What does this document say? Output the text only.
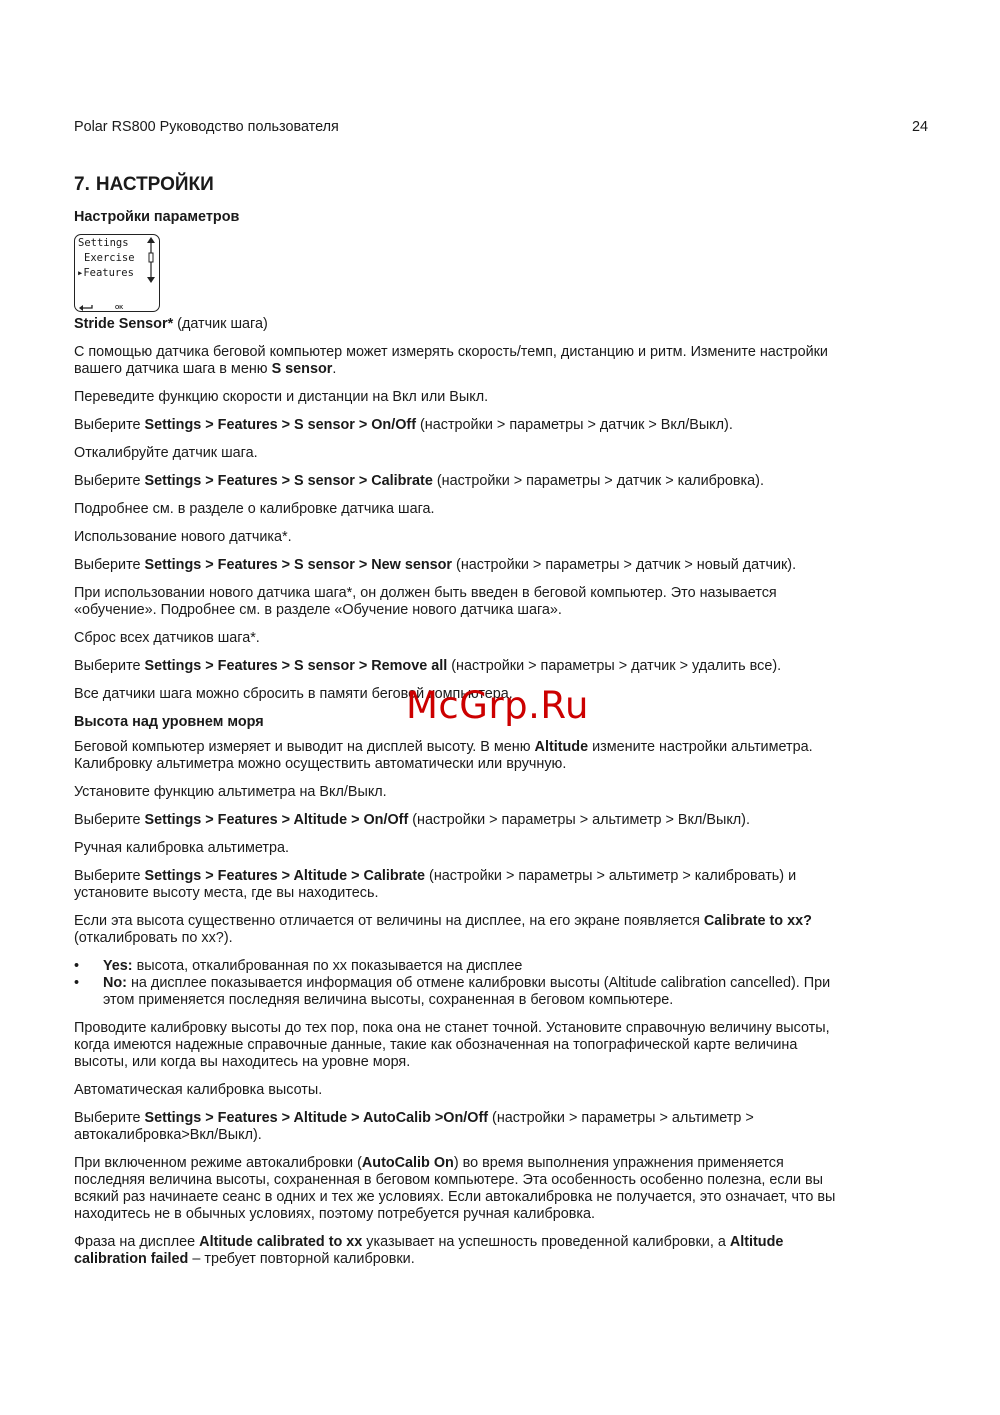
Polar RS800 Руководство пользователя	24
7. НАСТРОЙКИ
Настройки параметров
Settings
Exercise
▸Features
OK

Stride Sensor* (датчик шага)

С помощью датчика беговой компьютер может измерять скорость/темп, дистанцию и ритм. Измените настройки вашего датчика шага в меню S sensor.

Переведите функцию скорости и дистанции на Вкл или Выкл.

Выберите Settings > Features > S sensor > On/Off (настройки > параметры > датчик > Вкл/Выкл).

Откалибруйте датчик шага.

Выберите Settings > Features > S sensor > Calibrate (настройки > параметры > датчик > калибровка).

Подробнее см. в разделе о калибровке датчика шага.

Использование нового датчика*.

Выберите Settings > Features > S sensor > New sensor (настройки > параметры > датчик > новый датчик).

При использовании нового датчика шага*, он должен быть введен в беговой компьютер. Это называется «обучение». Подробнее см. в разделе «Обучение нового датчика шага».

Сброс всех датчиков шага*.

Выберите Settings > Features > S sensor > Remove all (настройки > параметры > датчик > удалить все).

Все датчики шага можно сбросить в памяти беговой компьютера.

Высота над уровнем моря

Беговой компьютер измеряет и выводит на дисплей высоту. В меню Altitude измените настройки альтиметра. Калибровку альтиметра можно осуществить автоматически или вручную.

Установите функцию альтиметра на Вкл/Выкл.

Выберите Settings > Features > Altitude > On/Off (настройки > параметры > альтиметр > Вкл/Выкл).

Ручная калибровка альтиметра.

Выберите Settings > Features > Altitude > Calibrate (настройки > параметры > альтиметр > калибровать) и установите высоту места, где вы находитесь.

Если эта высота существенно отличается от величины на дисплее, на его экране появляется Calibrate to xx? (откалибровать по xx?).

• Yes: высота, откалиброванная по xx показывается на дисплее
• No: на дисплее показывается информация об отмене калибровки высоты (Altitude calibration cancelled). При этом применяется последняя величина высоты, сохраненная в беговом компьютере.

Проводите калибровку высоты до тех пор, пока она не станет точной. Установите справочную величину высоты, когда имеются надежные справочные данные, такие как обозначенная на топографической карте величина высоты, или когда вы находитесь на уровне моря.

Автоматическая калибровка высоты.

Выберите Settings > Features > Altitude > AutoCalib >On/Off (настройки > параметры > альтиметр > автокалибровка>Вкл/Выкл).

При включенном режиме автокалибровки (AutoCalib On) во время выполнения упражнения применяется последняя величина высоты, сохраненная в беговом компьютере. Эта особенность особенно полезна, если вы всякий раз начинаете сеанс в одних и тех же условиях. Если автокалибровка не получается, это означает, что вы находитесь не в обычных условиях, поэтому потребуется ручная калибровка.

Фраза на дисплее Altitude calibrated to xx указывает на успешность проведенной калибровки, а Altitude calibration failed – требует повторной калибровки.

McGrp.Ru
